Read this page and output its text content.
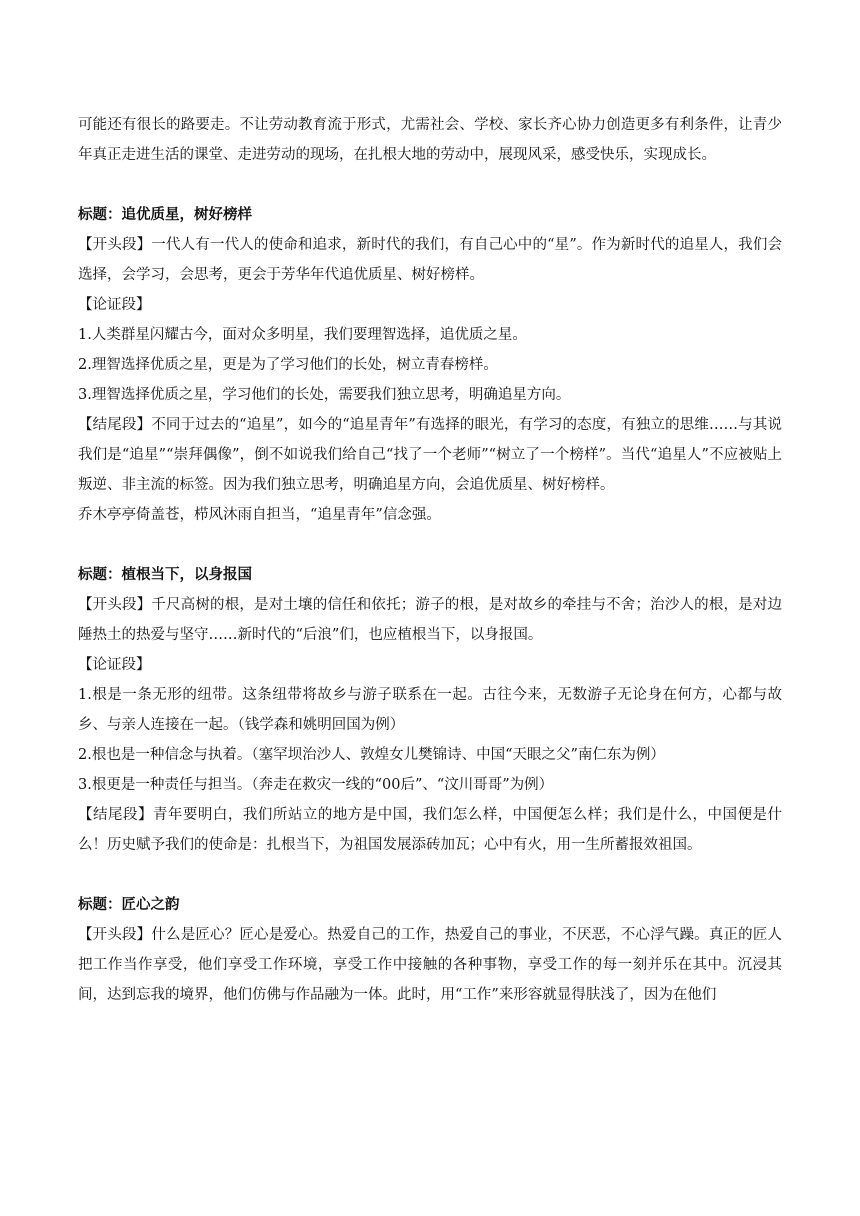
可能还有很长的路要走。不让劳动教育流于形式，尤需社会、学校、家长齐心协力创造更多有利条件，让青少年真正走进生活的课堂、走进劳动的现场，在扎根大地的劳动中，展现风采，感受快乐，实现成长。

标题：追优质星，树好榜样

【开头段】一代人有一代人的使命和追求，新时代的我们，有自己心中的“星”。作为新时代的追星人，我们会选择，会学习，会思考，更会于芳华年代追优质星、树好榜样。

【论证段】

1.人类群星闪耀古今，面对众多明星，我们要理智选择，追优质之星。

2.理智选择优质之星，更是为了学习他们的长处，树立青春榜样。

3.理智选择优质之星，学习他们的长处，需要我们独立思考，明确追星方向。

【结尾段】不同于过去的“追星”，如今的“追星青年”有选择的眼光，有学习的态度，有独立的思维……与其说我们是“追星”“崇拜偶像”，倒不如说我们给自己“找了一个老师”“树立了一个榜样”。当代“追星人”不应被贴上叛逆、非主流的标签。因为我们独立思考，明确追星方向，会追优质星、树好榜样。

乔木亭亭倚盖苍，栉风沐雨自担当，“追星青年”信念强。

标题：植根当下，以身报国

【开头段】千尺高树的根，是对土壤的信任和依托；游子的根，是对故乡的牵挂与不舍；治沙人的根，是对边陲热土的热爱与坚守……新时代的“后浪”们，也应植根当下，以身报国。

【论证段】

1.根是一条无形的纽带。这条纽带将故乡与游子联系在一起。古往今来，无数游子无论身在何方，心都与故乡、与亲人连接在一起。（钱学森和姚明回国为例）

2.根也是一种信念与执着。（塞罕坝治沙人、敦煌女儿樊锦诗、中国“天眼之父”南仁东为例）

3.根更是一种责任与担当。（奔走在救灾一线的“00后”、“汶川哥哥”为例）

【结尾段】青年要明白，我们所站立的地方是中国，我们怎么样，中国便怎么样；我们是什么，中国便是什么！历史赋予我们的使命是：扎根当下，为祖国发展添砖加瓦；心中有火，用一生所蓄报效祖国。

标题：匠心之韵

【开头段】什么是匠心？匠心是爱心。热爱自己的工作，热爱自己的事业，不厌恶，不心浮气躁。真正的匠人把工作当作享受，他们享受工作环境，享受工作中接触的各种事物，享受工作的每一刻并乐在其中。沉浸其间，达到忘我的境界，他们仿佛与作品融为一体。此时，用“工作”来形容就显得肤浅了，因为在他们
